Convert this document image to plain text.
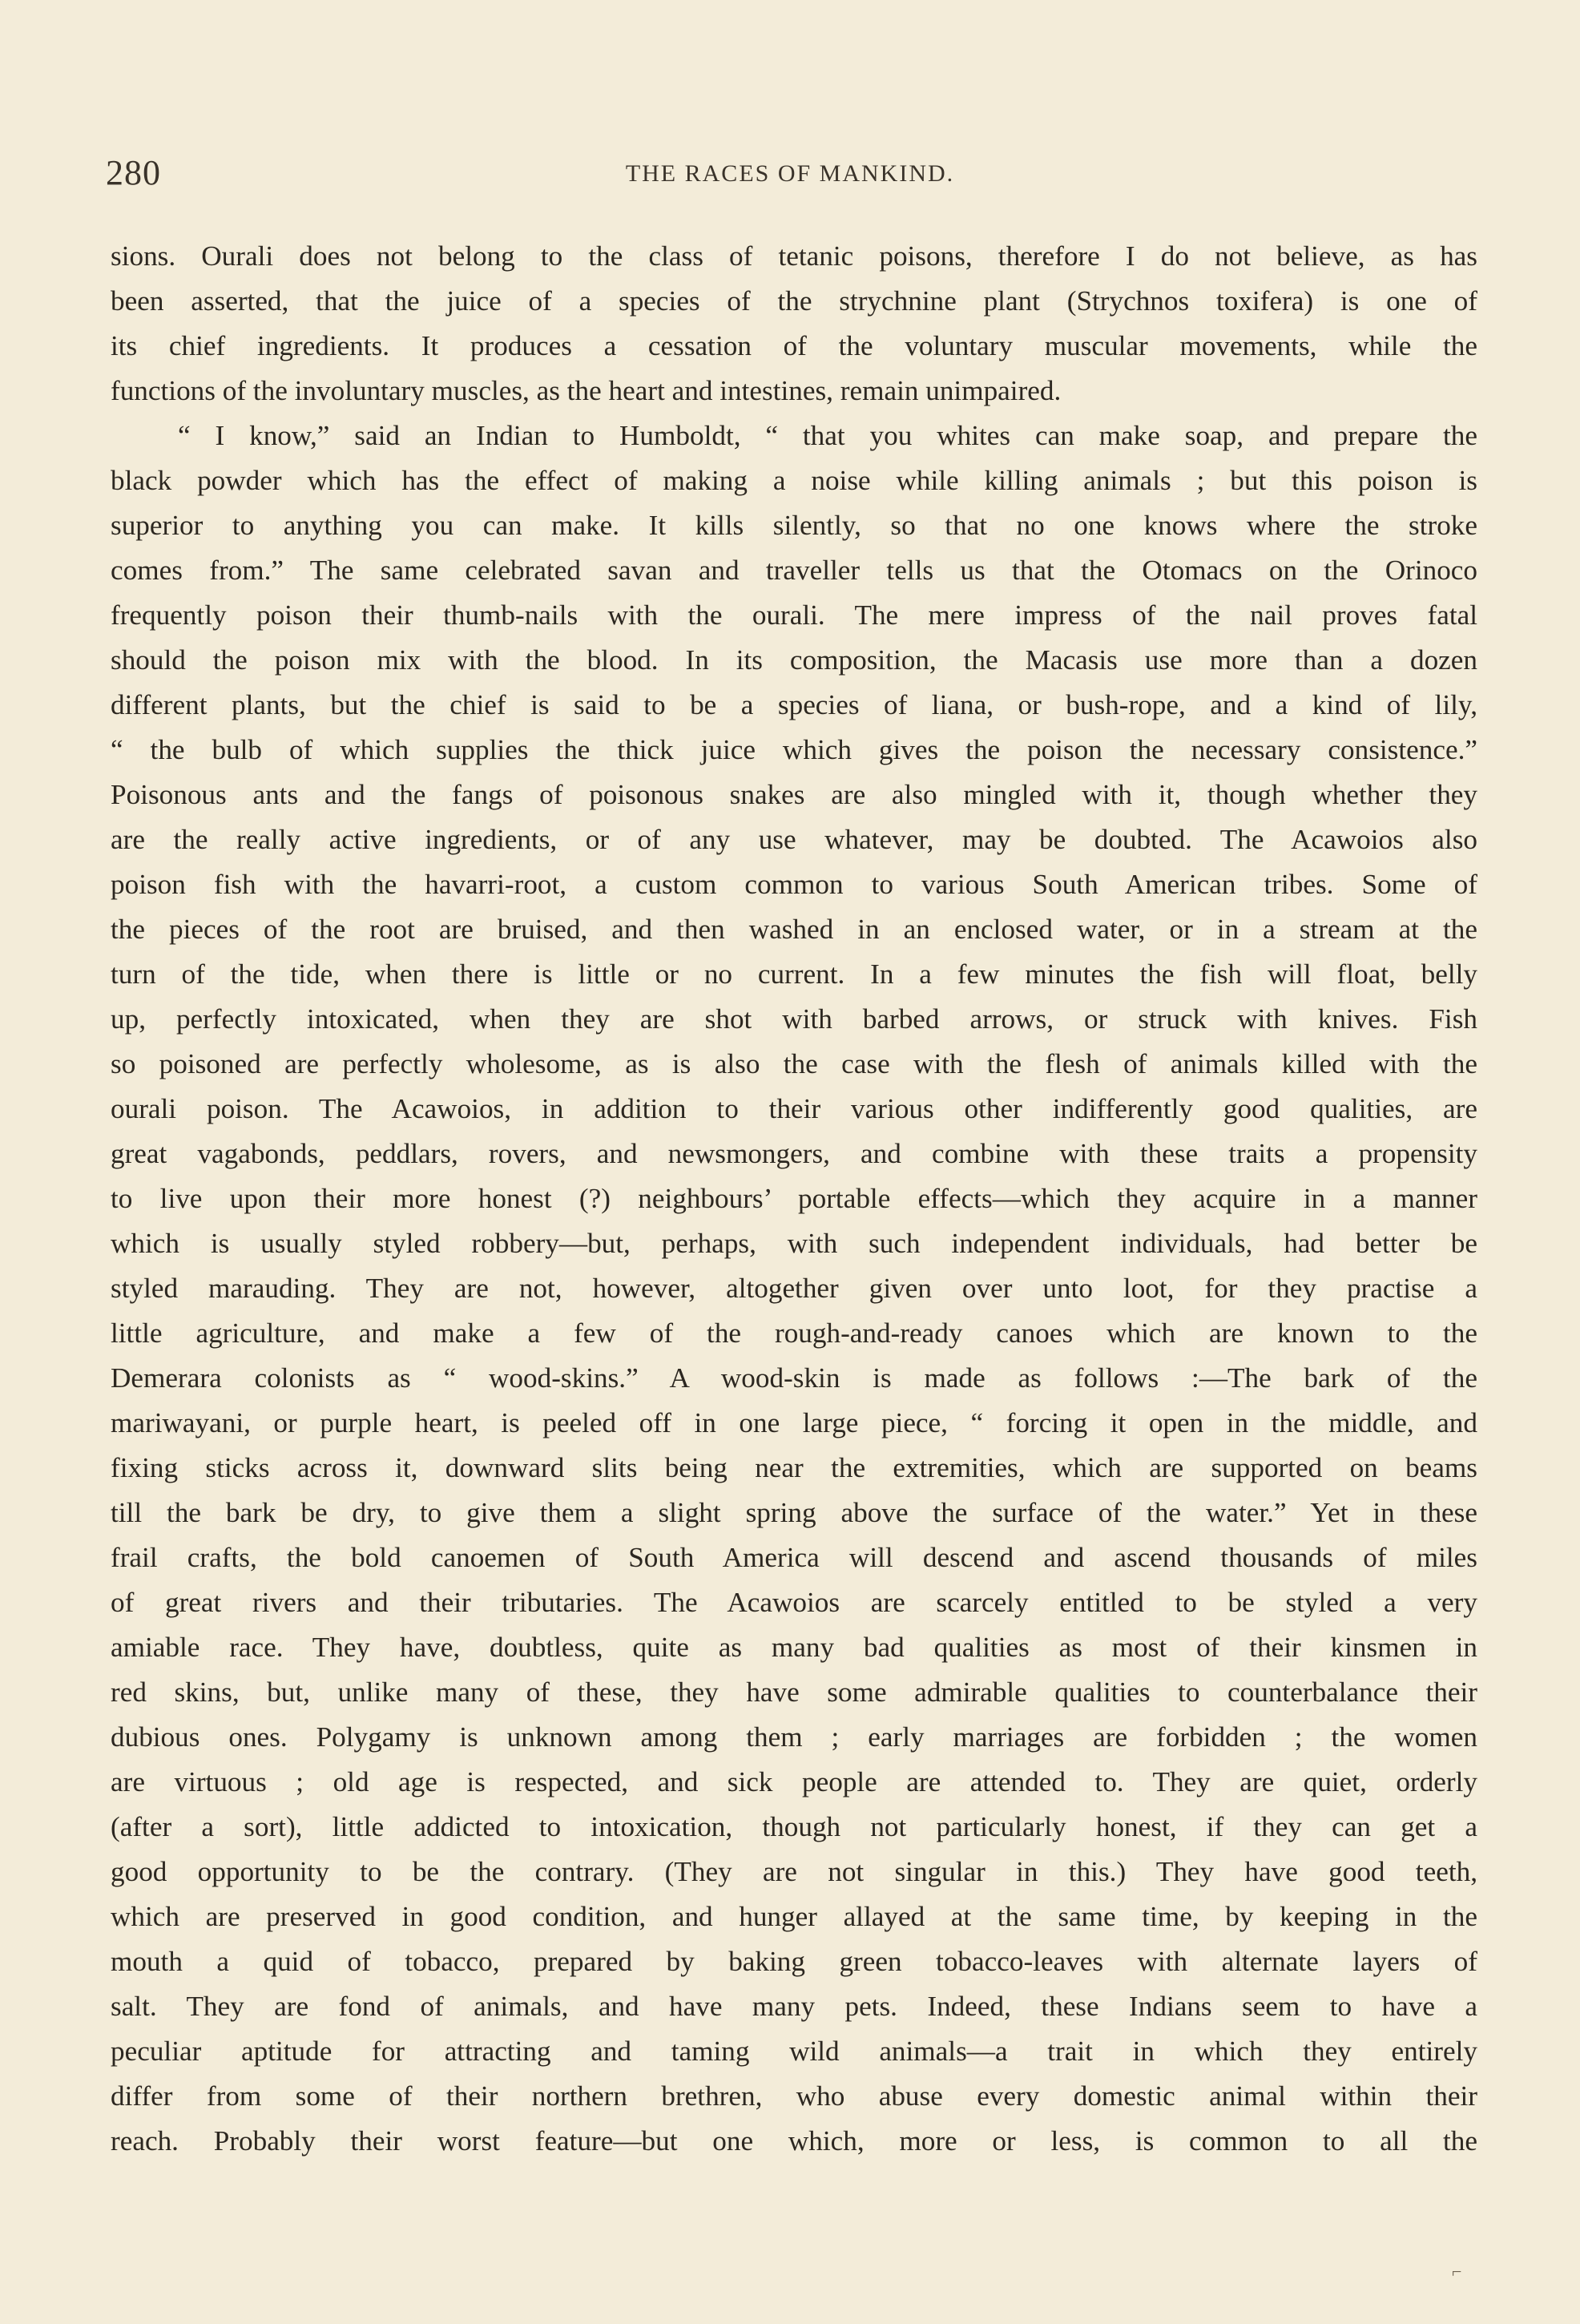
280	THE RACES OF MANKIND.
sions. Ourali does not belong to the class of tetanic poisons, therefore I do not believe, as has
been asserted, that the juice of a species of the strychnine plant (Strychnos toxifera) is one of
its chief ingredients. It produces a cessation of the voluntary muscular movements, while the
functions of the involuntary muscles, as the heart and intestines, remain unimpaired.
“ I know,” said an Indian to Humboldt, “ that you whites can make soap, and prepare the
black powder which has the effect of making a noise while killing animals ; but this poison is
superior to anything you can make. It kills silently, so that no one knows where the stroke
comes from.” The same celebrated savan and traveller tells us that the Otomacs on the Orinoco
frequently poison their thumb-nails with the ourali. The mere impress of the nail proves fatal
should the poison mix with the blood. In its composition, the Macasis use more than a dozen
different plants, but the chief is said to be a species of liana, or bush-rope, and a kind of lily,
“ the bulb of which supplies the thick juice which gives the poison the necessary consistence.”
Poisonous ants and the fangs of poisonous snakes are also mingled with it, though whether they
are the really active ingredients, or of any use whatever, may be doubted. The Acawoios also
poison fish with the havarri-root, a custom common to various South American tribes. Some of
the pieces of the root are bruised, and then washed in an enclosed water, or in a stream at the
turn of the tide, when there is little or no current. In a few minutes the fish will float, belly
up, perfectly intoxicated, when they are shot with barbed arrows, or struck with knives. Fish
so poisoned are perfectly wholesome, as is also the case with the flesh of animals killed with the
ourali poison. The Acawoios, in addition to their various other indifferently good qualities, are
great vagabonds, peddlars, rovers, and newsmongers, and combine with these traits a propensity
to live upon their more honest (?) neighbours’ portable effects—which they acquire in a manner
which is usually styled robbery—but, perhaps, with such independent individuals, had better be
styled marauding. They are not, however, altogether given over unto loot, for they practise a
little agriculture, and make a few of the rough-and-ready canoes which are known to the
Demerara colonists as “ wood-skins.” A wood-skin is made as follows :—The bark of the
mariwayani, or purple heart, is peeled off in one large piece, “ forcing it open in the middle, and
fixing sticks across it, downward slits being near the extremities, which are supported on beams
till the bark be dry, to give them a slight spring above the surface of the water.” Yet in these
frail crafts, the bold canoemen of South America will descend and ascend thousands of miles
of great rivers and their tributaries. The Acawoios are scarcely entitled to be styled a very
amiable race. They have, doubtless, quite as many bad qualities as most of their kinsmen in
red skins, but, unlike many of these, they have some admirable qualities to counterbalance their
dubious ones. Polygamy is unknown among them ; early marriages are forbidden ; the women
are virtuous ; old age is respected, and sick people are attended to. They are quiet, orderly
(after a sort), little addicted to intoxication, though not particularly honest, if they can get a
good opportunity to be the contrary. (They are not singular in this.) They have good teeth,
which are preserved in good condition, and hunger allayed at the same time, by keeping in the
mouth a quid of tobacco, prepared by baking green tobacco-leaves with alternate layers of
salt. They are fond of animals, and have many pets. Indeed, these Indians seem to have a
peculiar aptitude for attracting and taming wild animals—a trait in which they entirely
differ from some of their northern brethren, who abuse every domestic animal within their
reach. Probably their worst feature—but one which, more or less, is common to all the
⌐
